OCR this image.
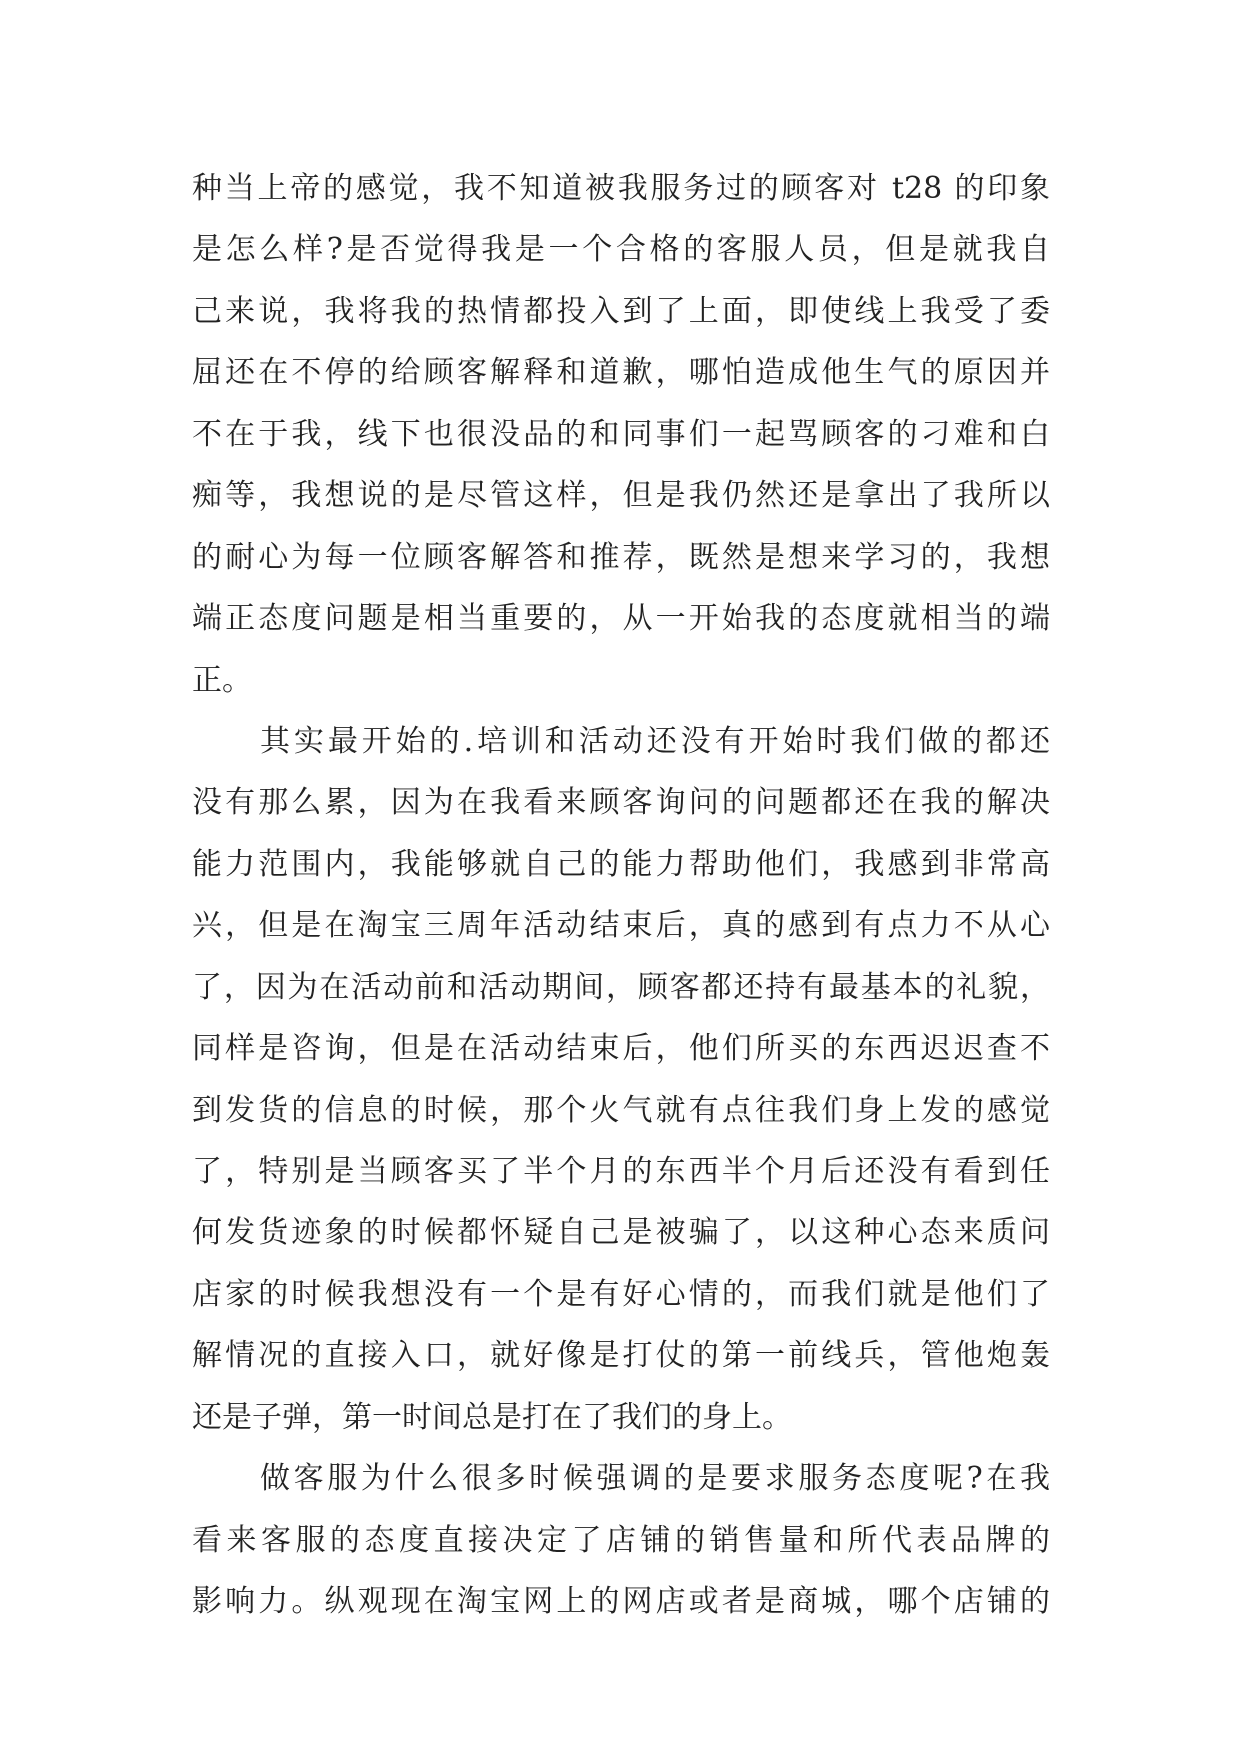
种当上帝的感觉，我不知道被我服务过的顾客对 t28 的印象
是怎么样?是否觉得我是一个合格的客服人员，但是就我自
己来说，我将我的热情都投入到了上面，即使线上我受了委
屈还在不停的给顾客解释和道歉，哪怕造成他生气的原因并
不在于我，线下也很没品的和同事们一起骂顾客的刁难和白
痴等，我想说的是尽管这样，但是我仍然还是拿出了我所以
的耐心为每一位顾客解答和推荐，既然是想来学习的，我想
端正态度问题是相当重要的，从一开始我的态度就相当的端
正。
其实最开始的.培训和活动还没有开始时我们做的都还
没有那么累，因为在我看来顾客询问的问题都还在我的解决
能力范围内，我能够就自己的能力帮助他们，我感到非常高
兴，但是在淘宝三周年活动结束后，真的感到有点力不从心
了，因为在活动前和活动期间，顾客都还持有最基本的礼貌，
同样是咨询，但是在活动结束后，他们所买的东西迟迟查不
到发货的信息的时候，那个火气就有点往我们身上发的感觉
了，特别是当顾客买了半个月的东西半个月后还没有看到任
何发货迹象的时候都怀疑自己是被骗了，以这种心态来质问
店家的时候我想没有一个是有好心情的，而我们就是他们了
解情况的直接入口，就好像是打仗的第一前线兵，管他炮轰
还是子弹，第一时间总是打在了我们的身上。
做客服为什么很多时候强调的是要求服务态度呢?在我
看来客服的态度直接决定了店铺的销售量和所代表品牌的
影响力。纵观现在淘宝网上的网店或者是商城，哪个店铺的
